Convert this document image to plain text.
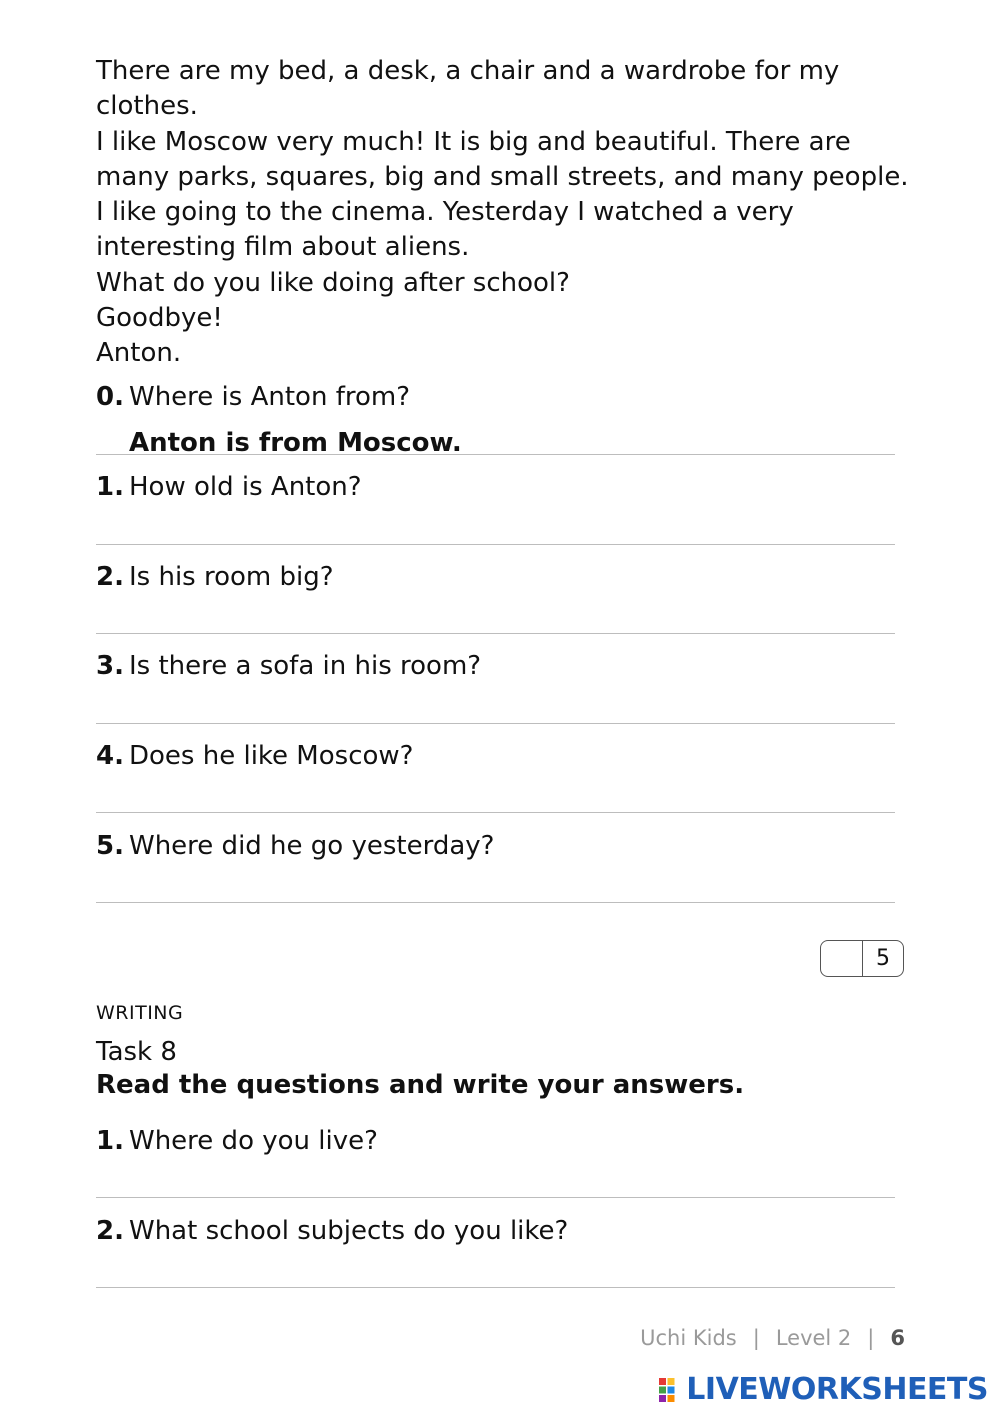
There are my bed, a desk, a chair and a wardrobe for my clothes.

I like Moscow very much! It is big and beautiful. There are many parks, squares, big and small streets, and many people. I like going to the cinema. Yesterday I watched a very interesting film about aliens.

What do you like doing after school?

Goodbye!

Anton.

0. Where is Anton from?
Anton is from Moscow.
1. How old is Anton?
2. Is his room big?
3. Is there a sofa in his room?
4. Does he like Moscow?
5. Where did he go yesterday?
5
WRITING
Task 8
Read the questions and write your answers.
1. Where do you live?
2. What school subjects do you like?
Uchi Kids | Level 2 | 6
LIVEWORKSHEETS
